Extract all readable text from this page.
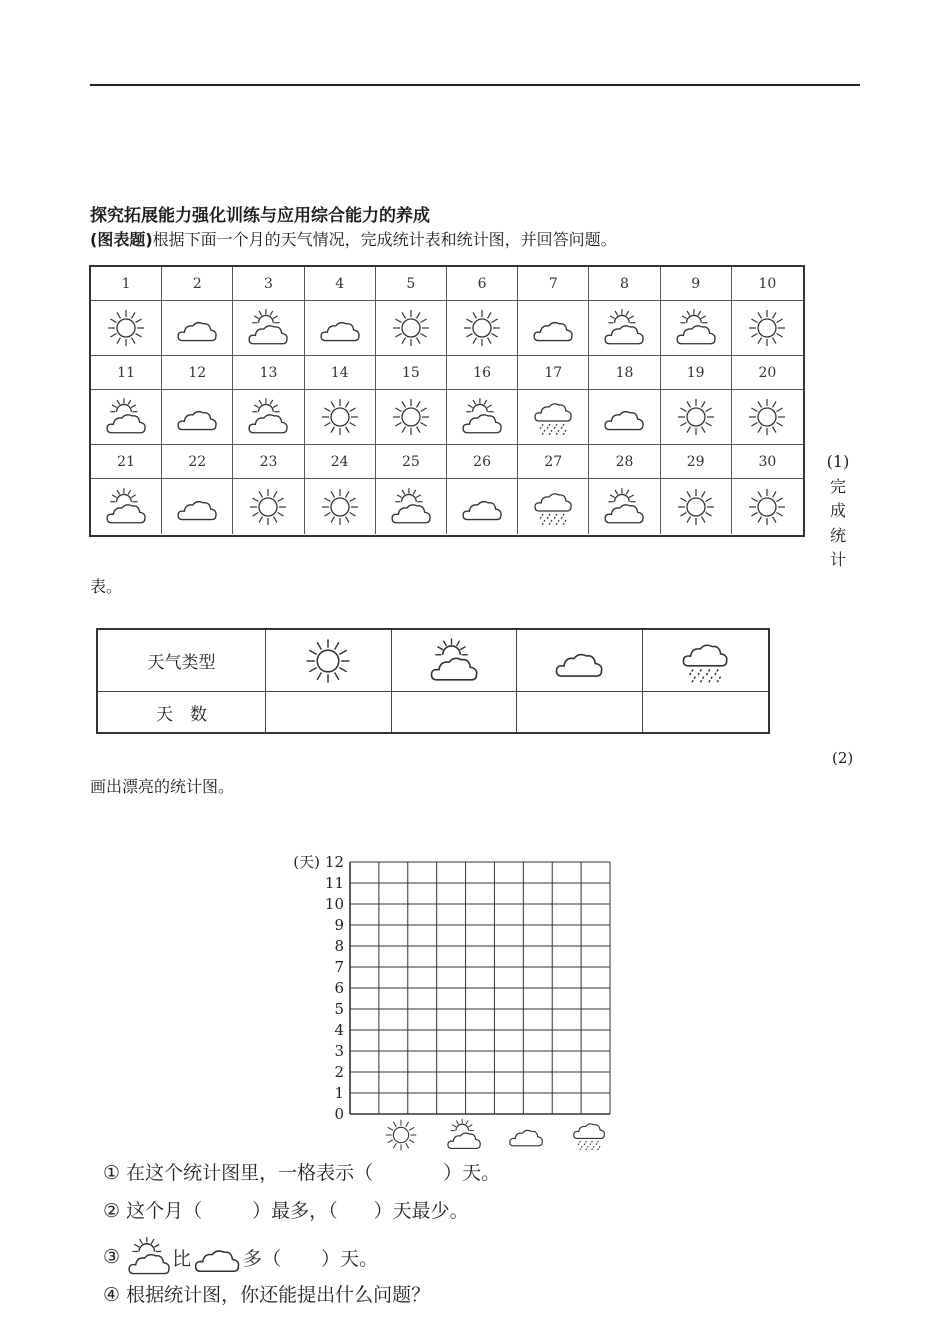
探究拓展能力强化训练与应用综合能力的养成
(图表题)根据下面一个月的天气情况，完成统计表和统计图，并回答问题。
1	2	3	4	5	6	7	8	9	10
11	12	13	14	15	16	17	18	19	20
21	22	23	24	25	26	27	28	29	30	(1)
完
成
统
计
表。
天气类型
天　数
(2)
画出漂亮的统计图。
12
11
10
9
8
7
6
5
4
3
2
1
0
(天)
① 在这个统计图里，一格表示（	）天。
② 这个月（	）最多，（ ）天最少。
③
	比	多（ ）天。
④ 根据统计图，你还能提出什么问题？
